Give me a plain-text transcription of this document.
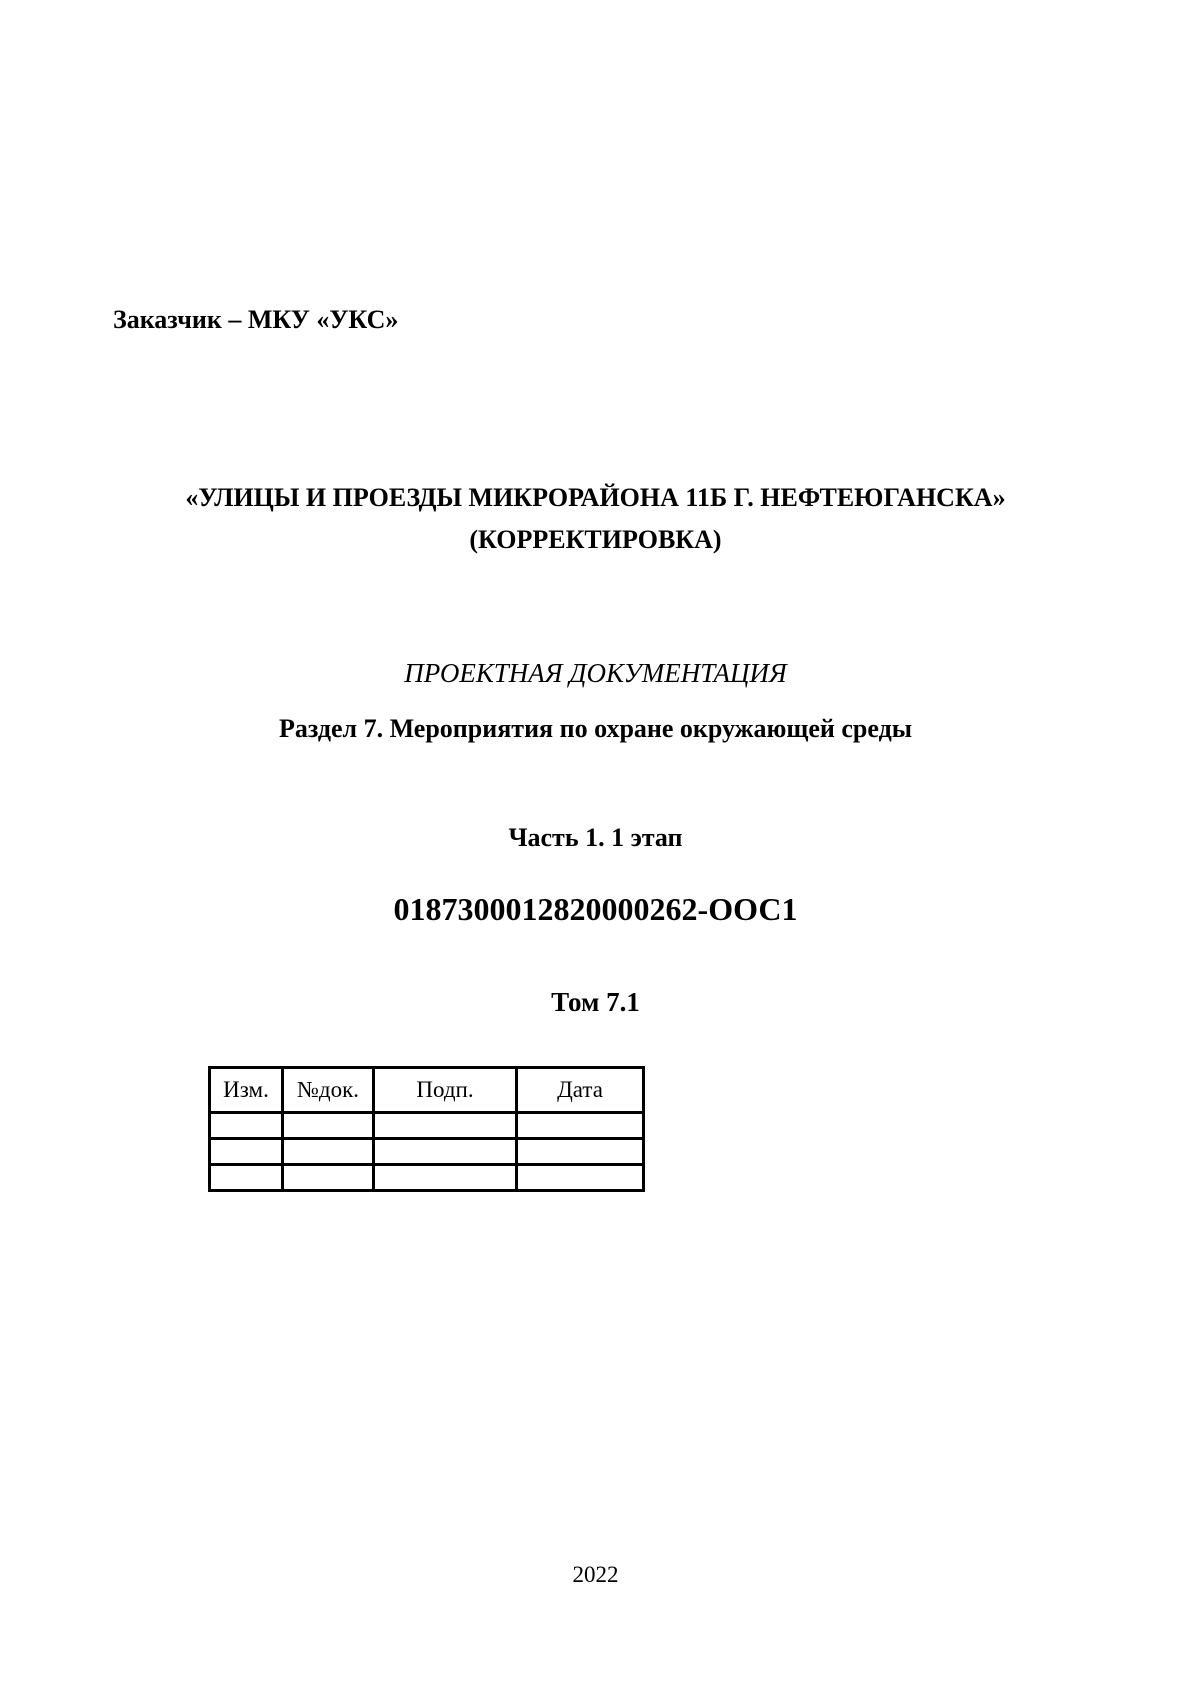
Заказчик – МКУ «УКС»
«УЛИЦЫ И ПРОЕЗДЫ МИКРОРАЙОНА 11Б Г. НЕФТЕЮГАНСКА»
(КОРРЕКТИРОВКА)
ПРОЕКТНАЯ ДОКУМЕНТАЦИЯ
Раздел 7. Мероприятия по охране окружающей среды
Часть 1. 1 этап
0187300012820000262-ООС1
Том 7.1
Изм.	№док.	Подп.	Дата

2022
